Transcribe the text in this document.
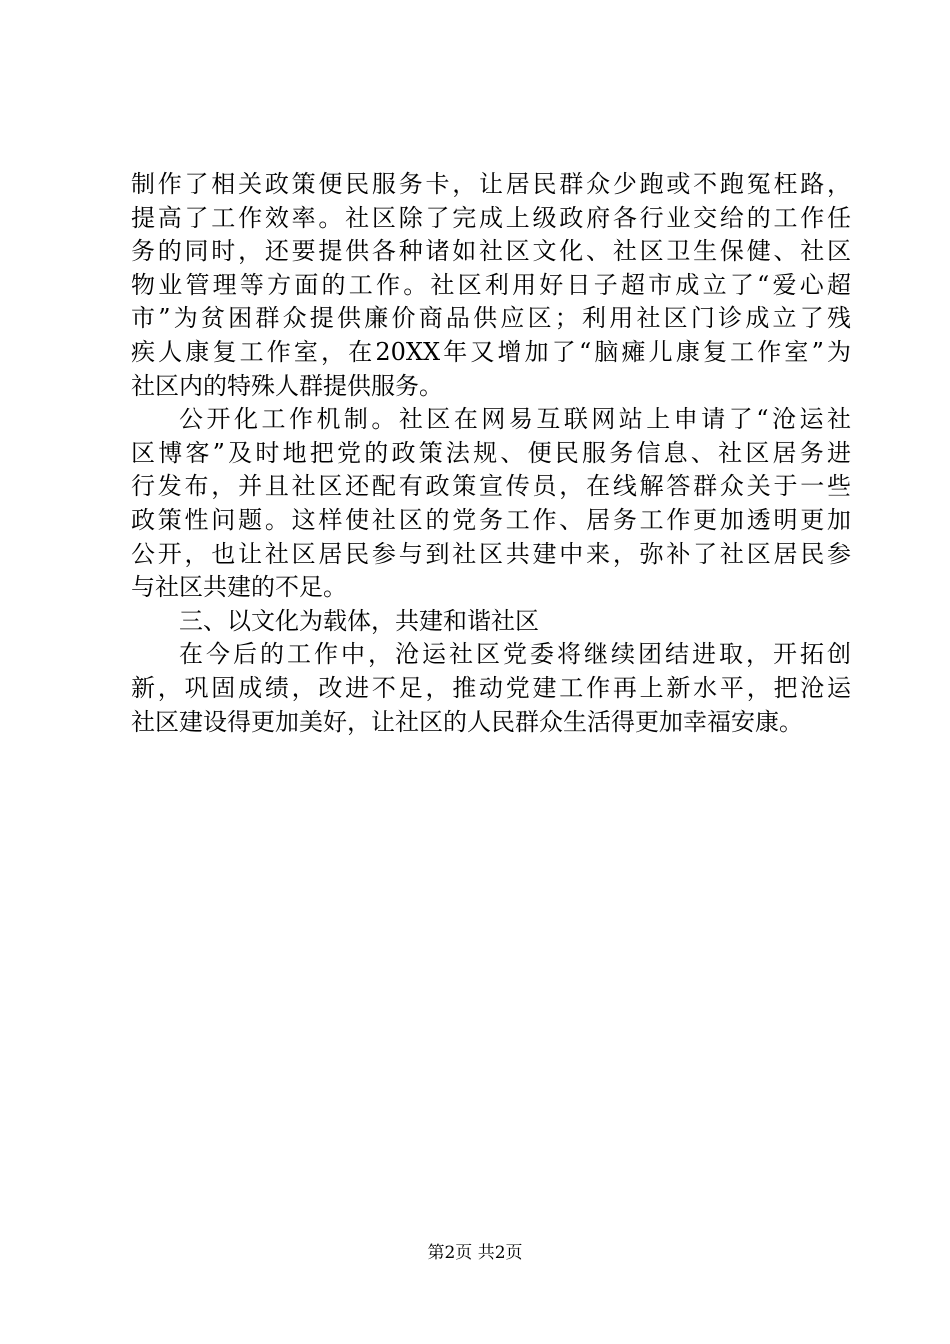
制作了相关政策便民服务卡，让居民群众少跑或不跑冤枉路，
提高了工作效率。社区除了完成上级政府各行业交给的工作任
务的同时，还要提供各种诸如社区文化、社区卫生保健、社区
物业管理等方面的工作。社区利用好日子超市成立了“爱心超
市”为贫困群众提供廉价商品供应区；利用社区门诊成立了残
疾人康复工作室，在20XX年又增加了“脑瘫儿康复工作室”为
社区内的特殊人群提供服务。
公开化工作机制。社区在网易互联网站上申请了“沧运社
区博客”及时地把党的政策法规、便民服务信息、社区居务进
行发布，并且社区还配有政策宣传员，在线解答群众关于一些
政策性问题。这样使社区的党务工作、居务工作更加透明更加
公开，也让社区居民参与到社区共建中来，弥补了社区居民参
与社区共建的不足。
三、以文化为载体，共建和谐社区
在今后的工作中，沧运社区党委将继续团结进取，开拓创
新，巩固成绩，改进不足，推动党建工作再上新水平，把沧运
社区建设得更加美好，让社区的人民群众生活得更加幸福安康。
第2页 共2页
